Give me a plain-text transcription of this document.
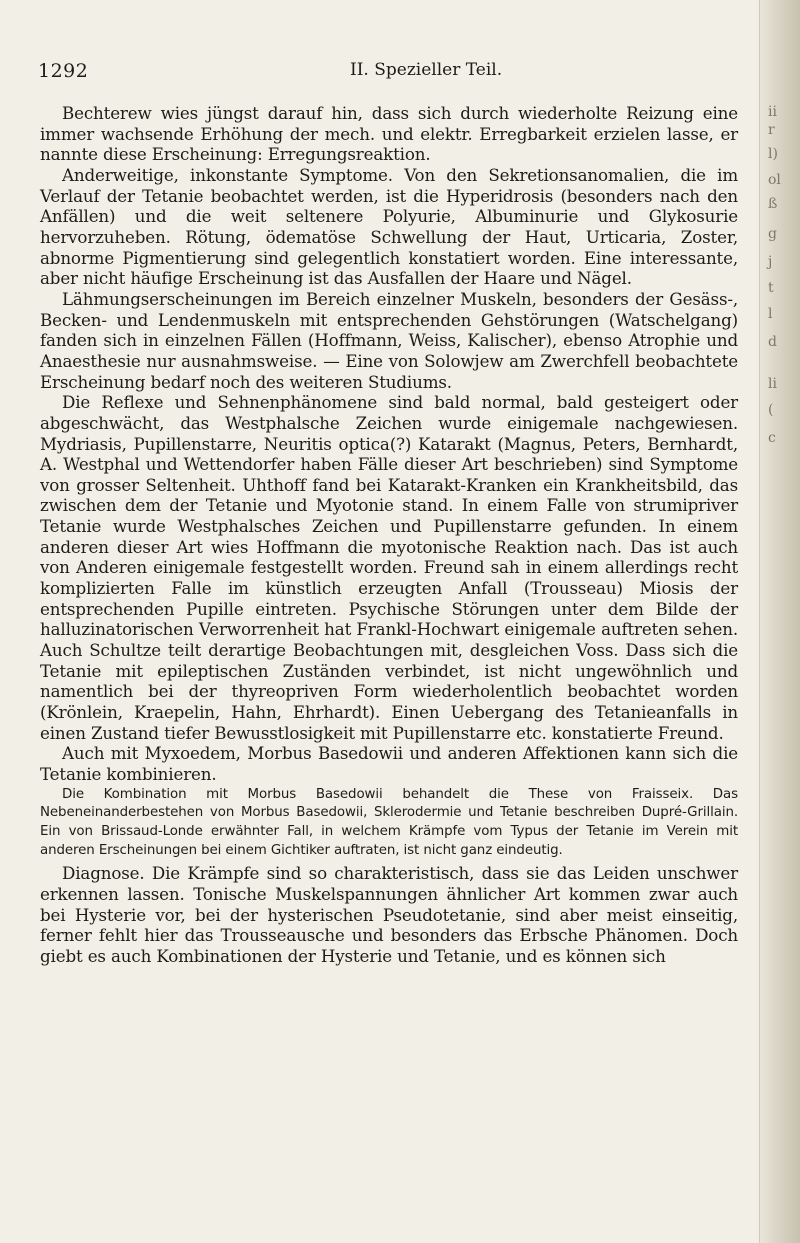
1292	II. Spezieller Teil.

Bechterew wies jüngst darauf hin, dass sich durch wiederholte Reizung eine immer wachsende Erhöhung der mech. und elektr. Erregbarkeit erzielen lasse, er nannte diese Erscheinung: Erregungsreaktion.

Anderweitige, inkonstante Symptome. Von den Sekretionsanomalien, die im Verlauf der Tetanie beobachtet werden, ist die Hyperidrosis (besonders nach den Anfällen) und die weit seltenere Polyurie, Albuminurie und Glykosurie hervorzuheben. Rötung, ödematöse Schwellung der Haut, Urticaria, Zoster, abnorme Pigmentierung sind gelegentlich konstatiert worden. Eine interessante, aber nicht häufige Erscheinung ist das Ausfallen der Haare und Nägel.

Lähmungserscheinungen im Bereich einzelner Muskeln, besonders der Gesäss-, Becken- und Lendenmuskeln mit entsprechenden Gehstörungen (Watschelgang) fanden sich in einzelnen Fällen (Hoffmann, Weiss, Kalischer), ebenso Atrophie und Anaesthesie nur ausnahmsweise. — Eine von Solowjew am Zwerchfell beobachtete Erscheinung bedarf noch des weiteren Studiums.

Die Reflexe und Sehnenphänomene sind bald normal, bald gesteigert oder abgeschwächt, das Westphalsche Zeichen wurde einigemale nachgewiesen. Mydriasis, Pupillenstarre, Neuritis optica(?) Katarakt (Magnus, Peters, Bernhardt, A. Westphal und Wettendorfer haben Fälle dieser Art beschrieben) sind Symptome von grosser Seltenheit. Uhthoff fand bei Katarakt-Kranken ein Krankheitsbild, das zwischen dem der Tetanie und Myotonie stand. In einem Falle von strumipriver Tetanie wurde Westphalsches Zeichen und Pupillenstarre gefunden. In einem anderen dieser Art wies Hoffmann die myotonische Reaktion nach. Das ist auch von Anderen einigemale festgestellt worden. Freund sah in einem allerdings recht komplizierten Falle im künstlich erzeugten Anfall (Trousseau) Miosis der entsprechenden Pupille eintreten. Psychische Störungen unter dem Bilde der halluzinatorischen Verworrenheit hat Frankl-Hochwart einigemale auftreten sehen. Auch Schultze teilt derartige Beobachtungen mit, desgleichen Voss. Dass sich die Tetanie mit epileptischen Zuständen verbindet, ist nicht ungewöhnlich und namentlich bei der thyreopriven Form wiederholentlich beobachtet worden (Krönlein, Kraepelin, Hahn, Ehrhardt). Einen Uebergang des Tetanieanfalls in einen Zustand tiefer Bewusstlosigkeit mit Pupillenstarre etc. konstatierte Freund.

Auch mit Myxoedem, Morbus Basedowii und anderen Affektionen kann sich die Tetanie kombinieren.

Die Kombination mit Morbus Basedowii behandelt die These von Fraisseix. Das Nebeneinanderbestehen von Morbus Basedowii, Sklerodermie und Tetanie beschreiben Dupré-Grillain. Ein von Brissaud-Londe erwähnter Fall, in welchem Krämpfe vom Typus der Tetanie im Verein mit anderen Erscheinungen bei einem Gichtiker auftraten, ist nicht ganz eindeutig.

Diagnose. Die Krämpfe sind so charakteristisch, dass sie das Leiden unschwer erkennen lassen. Tonische Muskelspannungen ähnlicher Art kommen zwar auch bei Hysterie vor, bei der hysterischen Pseudotetanie, sind aber meist einseitig, ferner fehlt hier das Trousseausche und besonders das Erbsche Phänomen. Doch giebt es auch Kombinationen der Hysterie und Tetanie, und es können sich

ii
r
l)
ol
ß
g
j
t
l
d
li
(
c
